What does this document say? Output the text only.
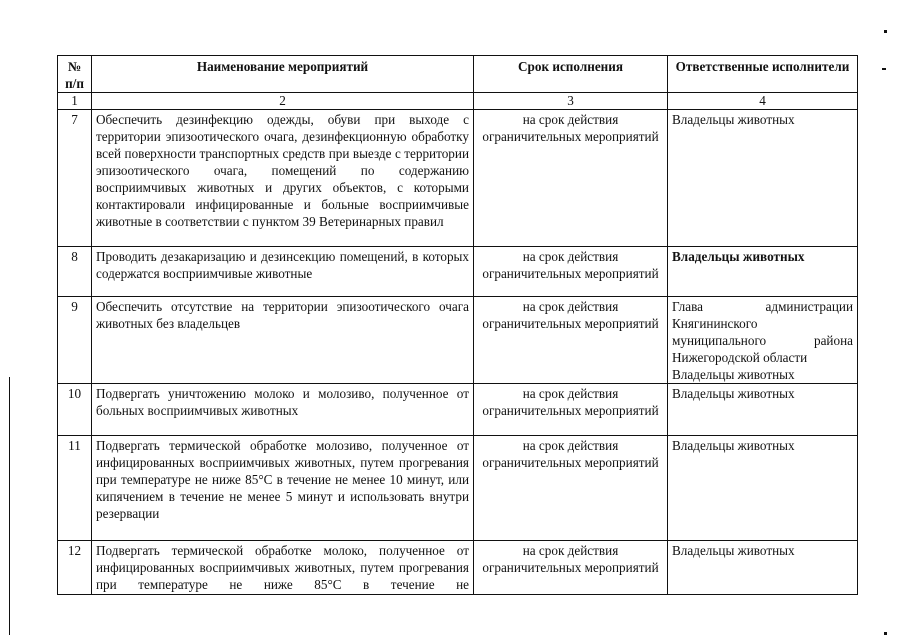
№ п/п	Наименование мероприятий	Срок исполнения	Ответственные исполнители
1	2	3	4
7	Обеспечить дезинфекцию одежды, обуви при выходе с территории эпизоотического очага, дезинфекционную обработку всей поверхности транспортных средств при выезде с территории эпизоотического очага, помещений по содержанию восприимчивых животных и других объектов, с которыми контактировали инфицированные и больные восприимчивые животные в соответствии с пунктом 39 Ветеринарных правил	на срок действия ограничительных мероприятий	Владельцы животных
8	Проводить дезакаризацию и дезинсекцию помещений, в которых содержатся восприимчивые животные	на срок действия ограничительных мероприятий	Владельцы животных
9	Обеспечить отсутствие на территории эпизоотического очага животных без владельцев	на срок действия ограничительных мероприятий	Глава администрации
Княгининского
муниципального района
Нижегородской области
Владельцы животных

10	Подвергать уничтожению молоко и молозиво, полученное от больных восприимчивых животных	на срок действия ограничительных мероприятий	Владельцы животных
11	Подвергать термической обработке молозиво, полученное от инфицированных восприимчивых животных, путем прогревания при температуре не ниже 85°С в течение не менее 10 минут, или кипячением в течение не менее 5 минут и использовать внутри резервации	на срок действия ограничительных мероприятий	Владельцы животных
12	Подвергать термической обработке молоко, полученное от инфицированных восприимчивых животных, путем прогревания при температуре не ниже 85°С в течение не	на срок действия ограничительных мероприятий	Владельцы животных
